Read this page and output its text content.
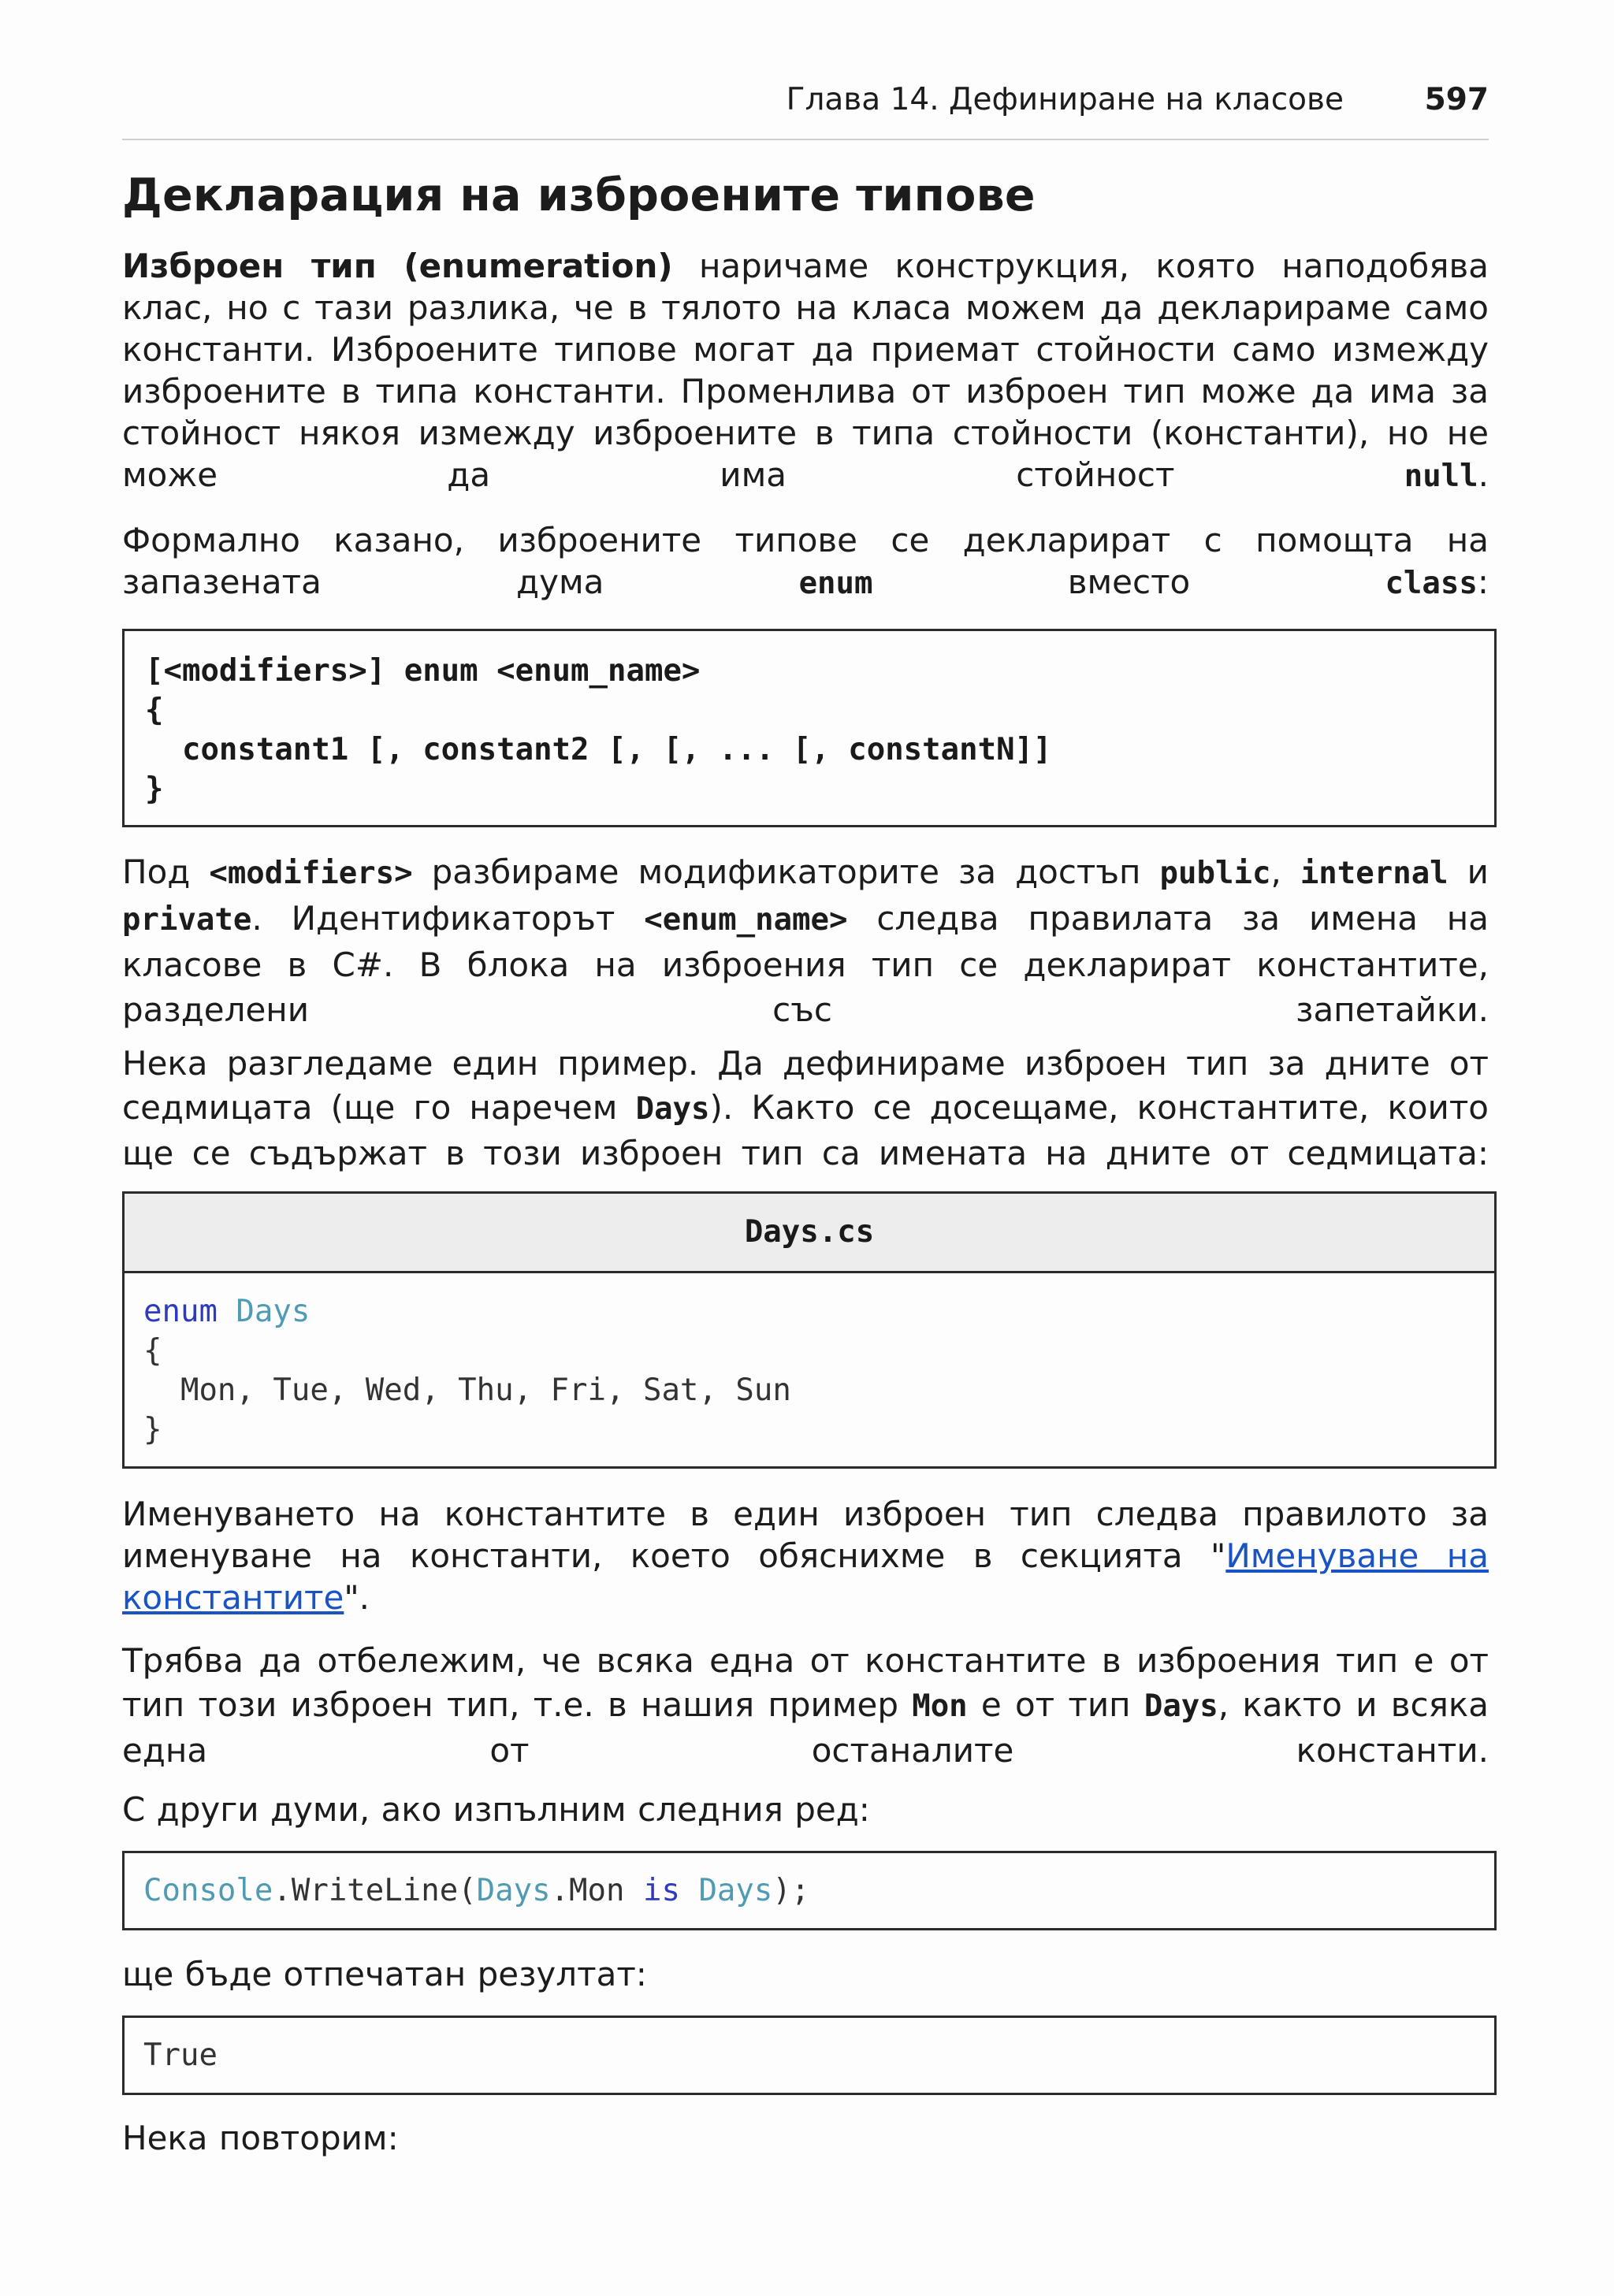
Глава 14. Дефиниране на класове	597
Декларация на изброените типове

Изброен тип (enumeration) наричаме конструкция, която наподобява клас, но с тази разлика, че в тялото на класа можем да декларираме само константи. Изброените типове могат да приемат стойности само измежду изброените в типа константи. Променлива от изброен тип може да има за стойност някоя измежду изброените в типа стойности (константи), но не може да има стойност null.

Формално казано, изброените типове се декларират с помощта на запазената дума enum вместо class:

[<modifiers>] enum <enum_name>
{
constant1 [, constant2 [, [, ... [, constantN]]
}

Под <modifiers> разбираме модификаторите за достъп public, internal и private. Идентификаторът <enum_name> следва правилата за имена на класове в C#. В блока на изброения тип се декларират константите, разделени със запетайки.

Нека разгледаме един пример. Да дефинираме изброен тип за дните от седмицата (ще го наречем Days). Както се досещаме, константите, които ще се съдържат в този изброен тип са имената на дните от седмицата:

Days.cs
enum Days
{
Mon, Tue, Wed, Thu, Fri, Sat, Sun
}

Именуването на константите в един изброен тип следва правилото за именуване на константи, което обяснихме в секцията "Именуване на константите".

Трябва да отбележим, че всяка една от константите в изброения тип е от тип този изброен тип, т.е. в нашия пример Mon е от тип Days, както и всяка една от останалите константи.

С други думи, ако изпълним следния ред:

Console.WriteLine(Days.Mon is Days);

ще бъде отпечатан резултат:

True

Нека повторим:
